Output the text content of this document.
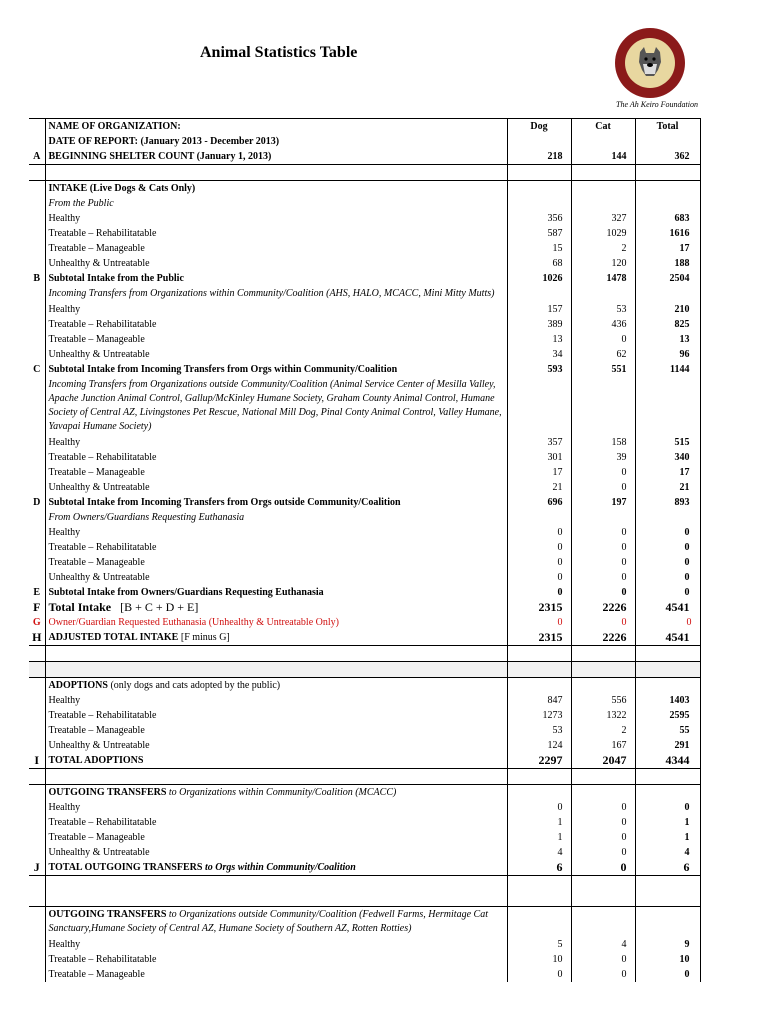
Animal Statistics Table
The Ah Keiro Foundation
	NAME OF ORGANIZATION:	Dog	Cat	Total
	DATE OF REPORT: (January 2013 - December 2013)			
A	BEGINNING SHELTER COUNT (January 1, 2013)	218	144	362

	INTAKE (Live Dogs & Cats Only)			
	From the Public			
	Healthy	356	327	683
	Treatable – Rehabilitatable	587	1029	1616
	Treatable – Manageable	15	2	17
	Unhealthy & Untreatable	68	120	188
B	Subtotal Intake from the Public	1026	1478	2504
	Incoming Transfers from Organizations within Community/Coalition (AHS, HALO, MCACC, Mini Mitty Mutts)			
	Healthy	157	53	210
	Treatable – Rehabilitatable	389	436	825
	Treatable – Manageable	13	0	13
	Unhealthy & Untreatable	34	62	96
C	Subtotal Intake from Incoming Transfers from Orgs within Community/Coalition	593	551	1144
	Incoming Transfers from Organizations outside Community/Coalition (Animal Service Center of Mesilla Valley, Apache Junction Animal Control, Gallup/McKinley Humane Society, Graham County Animal Control, Humane Society of Central AZ, Livingstones Pet Rescue, National Mill Dog, Pinal Conty Animal Control, Valley Humane, Yavapai Humane Society)			
	Healthy	357	158	515
	Treatable – Rehabilitatable	301	39	340
	Treatable – Manageable	17	0	17
	Unhealthy & Untreatable	21	0	21
D	Subtotal Intake from Incoming Transfers from Orgs outside Community/Coalition	696	197	893
	From Owners/Guardians Requesting Euthanasia			
	Healthy	0	0	0
	Treatable – Rehabilitatable	0	0	0
	Treatable – Manageable	0	0	0
	Unhealthy & Untreatable	0	0	0
E	Subtotal Intake from Owners/Guardians Requesting Euthanasia	0	0	0
F	Total Intake [B + C + D + E]	2315	2226	4541
G	Owner/Guardian Requested Euthanasia (Unhealthy & Untreatable Only)	0	0	0
H	ADJUSTED TOTAL INTAKE [F minus G]	2315	2226	4541

	ADOPTIONS (only dogs and cats adopted by the public)			
	Healthy	847	556	1403
	Treatable – Rehabilitatable	1273	1322	2595
	Treatable – Manageable	53	2	55
	Unhealthy & Untreatable	124	167	291
I	TOTAL ADOPTIONS	2297	2047	4344

	OUTGOING TRANSFERS to Organizations within Community/Coalition (MCACC)			
	Healthy	0	0	0
	Treatable – Rehabilitatable	1	0	1
	Treatable – Manageable	1	0	1
	Unhealthy & Untreatable	4	0	4
J	TOTAL OUTGOING TRANSFERS to Orgs within Community/Coalition	6	0	6

	OUTGOING TRANSFERS to Organizations outside Community/Coalition (Fedwell Farms, Hermitage Cat Sanctuary,Humane Society of Central AZ, Humane Society of Southern AZ, Rotten Rotties)			
	Healthy	5	4	9
	Treatable – Rehabilitatable	10	0	10
	Treatable – Manageable	0	0	0
